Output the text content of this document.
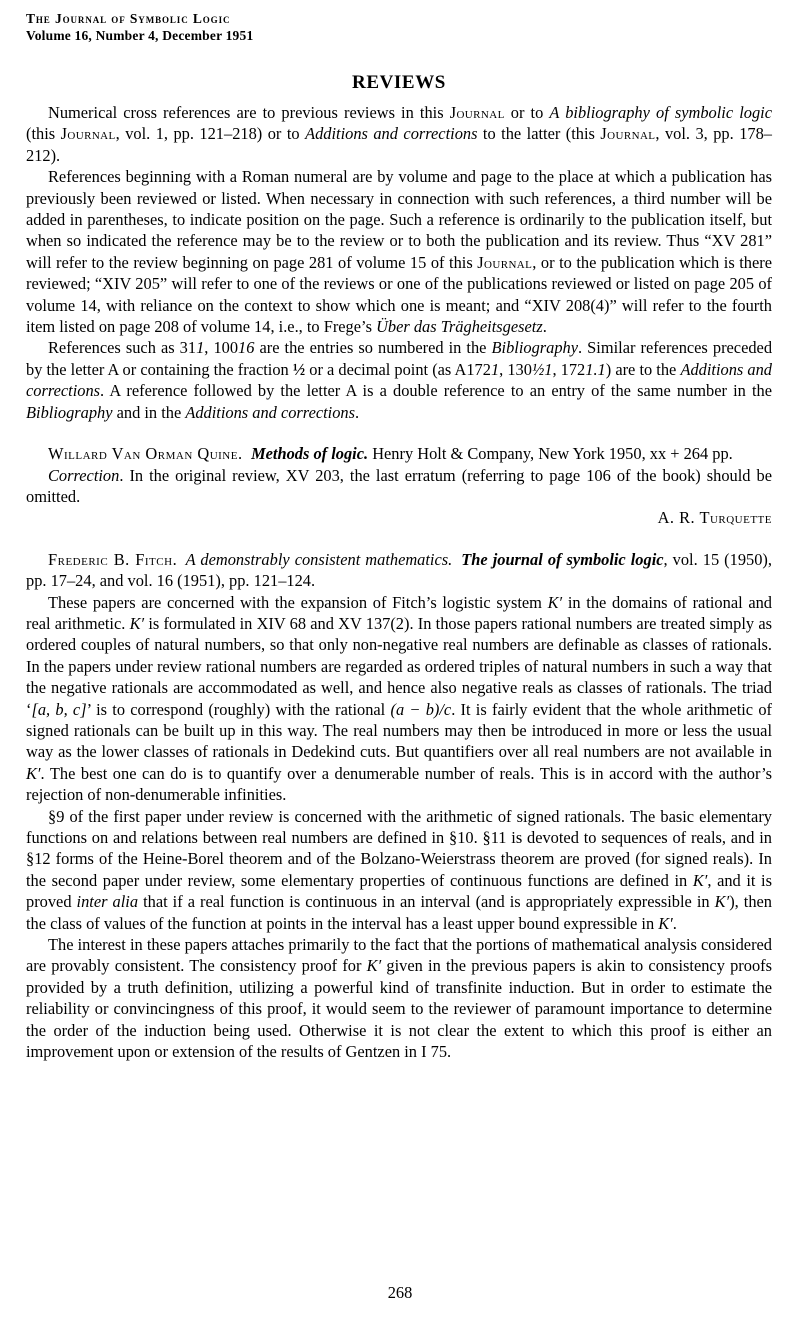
The Journal of Symbolic Logic
Volume 16, Number 4, December 1951
REVIEWS

Numerical cross references are to previous reviews in this Journal or to A bibliography of symbolic logic (this Journal, vol. 1, pp. 121–218) or to Additions and corrections to the latter (this Journal, vol. 3, pp. 178–212).

References beginning with a Roman numeral are by volume and page to the place at which a publication has previously been reviewed or listed. When necessary in connection with such references, a third number will be added in parentheses, to indicate position on the page. Such a reference is ordinarily to the publication itself, but when so indicated the reference may be to the review or to both the publication and its review. Thus “XV 281” will refer to the review beginning on page 281 of volume 15 of this Journal, or to the publication which is there reviewed; “XIV 205” will refer to one of the reviews or one of the publications reviewed or listed on page 205 of volume 14, with reliance on the context to show which one is meant; and “XIV 208(4)” will refer to the fourth item listed on page 208 of volume 14, i.e., to Frege’s Über das Trägheitsgesetz.

References such as 311, 10016 are the entries so numbered in the Bibliography. Similar references preceded by the letter A or containing the fraction ½ or a decimal point (as A1721, 130½1, 1721.1) are to the Additions and corrections. A reference followed by the letter A is a double reference to an entry of the same number in the Bibliography and in the Additions and corrections.

Willard Van Orman Quine. Methods of logic. Henry Holt & Company, New York 1950, xx + 264 pp.

Correction. In the original review, XV 203, the last erratum (referring to page 106 of the book) should be omitted.

A. R. Turquette

Frederic B. Fitch. A demonstrably consistent mathematics. The journal of symbolic logic, vol. 15 (1950), pp. 17–24, and vol. 16 (1951), pp. 121–124.

These papers are concerned with the expansion of Fitch’s logistic system K′ in the domains of rational and real arithmetic. K′ is formulated in XIV 68 and XV 137(2). In those papers rational numbers are treated simply as ordered couples of natural numbers, so that only non-negative real numbers are definable as classes of rationals. In the papers under review rational numbers are regarded as ordered triples of natural numbers in such a way that the negative rationals are accommodated as well, and hence also negative reals as classes of rationals. The triad ‘[a, b, c]’ is to correspond (roughly) with the rational (a − b)/c. It is fairly evident that the whole arithmetic of signed rationals can be built up in this way. The real numbers may then be introduced in more or less the usual way as the lower classes of rationals in Dedekind cuts. But quantifiers over all real numbers are not available in K′. The best one can do is to quantify over a denumerable number of reals. This is in accord with the author’s rejection of non-denumerable infinities.

§9 of the first paper under review is concerned with the arithmetic of signed rationals. The basic elementary functions on and relations between real numbers are defined in §10. §11 is devoted to sequences of reals, and in §12 forms of the Heine-Borel theorem and of the Bolzano-Weierstrass theorem are proved (for signed reals). In the second paper under review, some elementary properties of continuous functions are defined in K′, and it is proved inter alia that if a real function is continuous in an interval (and is appropriately expressible in K′), then the class of values of the function at points in the interval has a least upper bound expressible in K′.

The interest in these papers attaches primarily to the fact that the portions of mathematical analysis considered are provably consistent. The consistency proof for K′ given in the previous papers is akin to consistency proofs provided by a truth definition, utilizing a powerful kind of transfinite induction. But in order to estimate the reliability or convincingness of this proof, it would seem to the reviewer of paramount importance to determine the order of the induction being used. Otherwise it is not clear the extent to which this proof is either an improvement upon or extension of the results of Gentzen in I 75.

268
